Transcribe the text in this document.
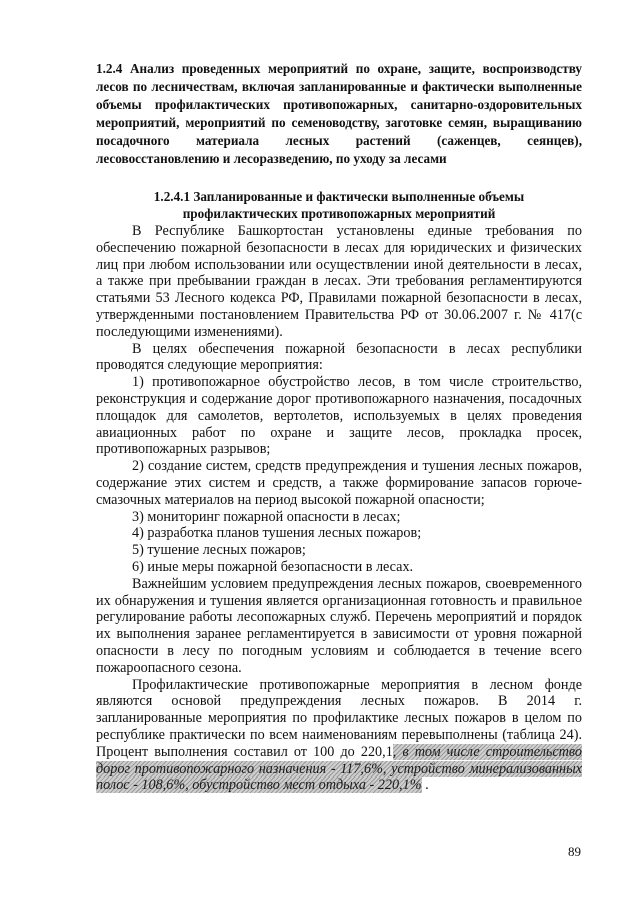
1.2.4 Анализ проведенных мероприятий по охране, защите, воспроизводству лесов по лесничествам, включая запланированные и фактически выполненные объемы профилактических противопожарных, санитарно-оздоровительных мероприятий, мероприятий по семеноводству, заготовке семян, выращиванию посадочного материала лесных растений (саженцев, сеянцев), лесовосстановлению и лесоразведению, по уходу за лесами

1.2.4.1 Запланированные и фактически выполненные объемы профилактических противопожарных мероприятий

В Республике Башкортостан установлены единые требования по обеспечению пожарной безопасности в лесах для юридических и физических лиц при любом использовании или осуществлении иной деятельности в лесах, а также при пребывании граждан в лесах. Эти требования регламентируются статьями 53 Лесного кодекса РФ, Правилами пожарной безопасности в лесах, утвержденными постановлением Правительства РФ от 30.06.2007 г. № 417(с последующими изменениями).

В целях обеспечения пожарной безопасности в лесах республики проводятся следующие мероприятия:

1) противопожарное обустройство лесов, в том числе строительство, реконструкция и содержание дорог противопожарного назначения, посадочных площадок для самолетов, вертолетов, используемых в целях проведения авиационных работ по охране и защите лесов, прокладка просек, противопожарных разрывов;

2) создание систем, средств предупреждения и тушения лесных пожаров, содержание этих систем и средств, а также формирование запасов горюче-смазочных материалов на период высокой пожарной опасности;

3) мониторинг пожарной опасности в лесах;

4) разработка планов тушения лесных пожаров;

5) тушение лесных пожаров;

6) иные меры пожарной безопасности в лесах.

Важнейшим условием предупреждения лесных пожаров, своевременного их обнаружения и тушения является организационная готовность и правильное регулирование работы лесопожарных служб. Перечень мероприятий и порядок их выполнения заранее регламентируется в зависимости от уровня пожарной опасности в лесу по погодным условиям и соблюдается в течение всего пожароопасного сезона.

Профилактические противопожарные мероприятия в лесном фонде являются основой предупреждения лесных пожаров. В 2014 г. запланированные мероприятия по профилактике лесных пожаров в целом по республике практически по всем наименованиям перевыполнены (таблица 24). Процент выполнения составил от 100 до 220,1, в том числе строительство дорог противопожарного назначения - 117,6%, устройство минерализованных полос - 108,6%, обустройство мест отдыха - 220,1% .

89
